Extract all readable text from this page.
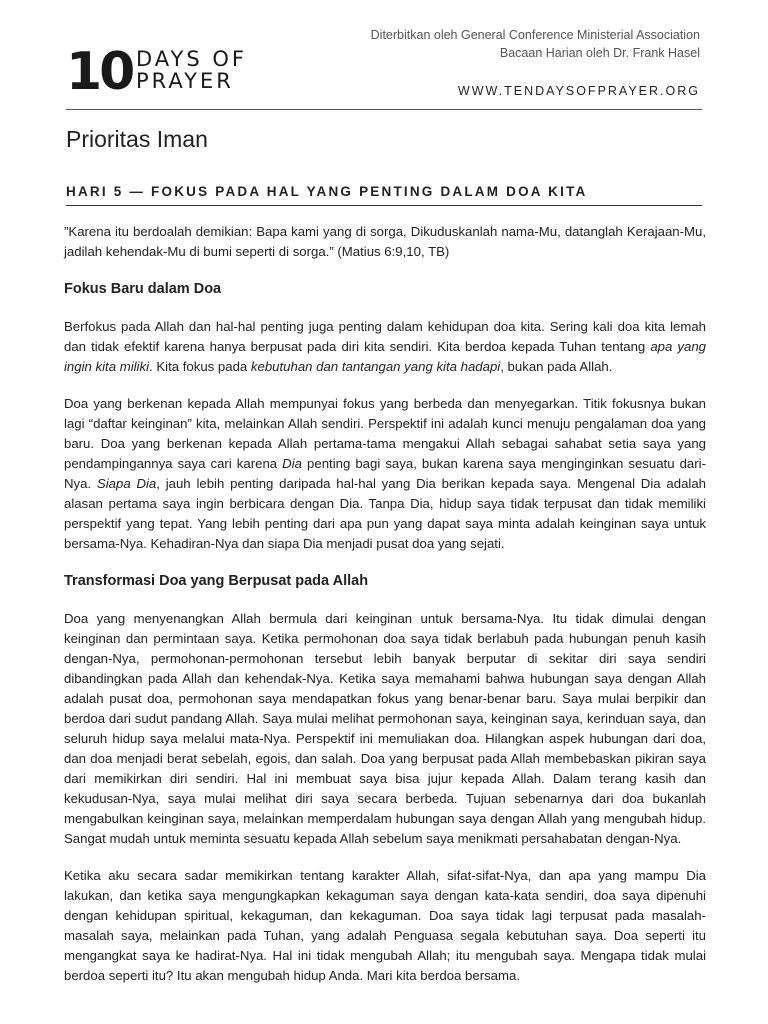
10 DAYS OF
PRAYER
Diterbitkan oleh General Conference Ministerial Association
Bacaan Harian oleh Dr. Frank Hasel
WWW.TENDAYSOFPRAYER.ORG
Prioritas Iman
HARI 5 — FOKUS PADA HAL YANG PENTING DALAM DOA KITA

”Karena itu berdoalah demikian: Bapa kami yang di sorga, Dikuduskanlah nama-Mu, datanglah Kerajaan-Mu, jadilah kehendak-Mu di bumi seperti di sorga.” (Matius 6:9,10, TB)

Fokus Baru dalam Doa

Berfokus pada Allah dan hal-hal penting juga penting dalam kehidupan doa kita. Sering kali doa kita lemah dan tidak efektif karena hanya berpusat pada diri kita sendiri. Kita berdoa kepada Tuhan tentang apa yang ingin kita miliki. Kita fokus pada kebutuhan dan tantangan yang kita hadapi, bukan pada Allah.

Doa yang berkenan kepada Allah mempunyai fokus yang berbeda dan menyegarkan. Titik fokusnya bukan lagi “daftar keinginan” kita, melainkan Allah sendiri. Perspektif ini adalah kunci menuju pengalaman doa yang baru. Doa yang berkenan kepada Allah pertama-tama mengakui Allah sebagai sahabat setia saya yang pendampingannya saya cari karena Dia penting bagi saya, bukan karena saya menginginkan sesuatu dari-Nya. Siapa Dia, jauh lebih penting daripada hal-hal yang Dia berikan kepada saya. Mengenal Dia adalah alasan pertama saya ingin berbicara dengan Dia. Tanpa Dia, hidup saya tidak terpusat dan tidak memiliki perspektif yang tepat. Yang lebih penting dari apa pun yang dapat saya minta adalah keinginan saya untuk bersama-Nya. Kehadiran-Nya dan siapa Dia menjadi pusat doa yang sejati.

Transformasi Doa yang Berpusat pada Allah

Doa yang menyenangkan Allah bermula dari keinginan untuk bersama-Nya. Itu tidak dimulai dengan keinginan dan permintaan saya. Ketika permohonan doa saya tidak berlabuh pada hubungan penuh kasih dengan-Nya, permohonan-permohonan tersebut lebih banyak berputar di sekitar diri saya sendiri dibandingkan pada Allah dan kehendak-Nya. Ketika saya memahami bahwa hubungan saya dengan Allah adalah pusat doa, permohonan saya mendapatkan fokus yang benar-benar baru. Saya mulai berpikir dan berdoa dari sudut pandang Allah. Saya mulai melihat permohonan saya, keinginan saya, kerinduan saya, dan seluruh hidup saya melalui mata-Nya. Perspektif ini memuliakan doa. Hilangkan aspek hubungan dari doa, dan doa menjadi berat sebelah, egois, dan salah. Doa yang berpusat pada Allah membebaskan pikiran saya dari memikirkan diri sendiri. Hal ini membuat saya bisa jujur kepada Allah. Dalam terang kasih dan kekudusan-Nya, saya mulai melihat diri saya secara berbeda. Tujuan sebenarnya dari doa bukanlah mengabulkan keinginan saya, melainkan memperdalam hubungan saya dengan Allah yang mengubah hidup. Sangat mudah untuk meminta sesuatu kepada Allah sebelum saya menikmati persahabatan dengan-Nya.

Ketika aku secara sadar memikirkan tentang karakter Allah, sifat-sifat-Nya, dan apa yang mampu Dia lakukan, dan ketika saya mengungkapkan kekaguman saya dengan kata-kata sendiri, doa saya dipenuhi dengan kehidupan spiritual, kekaguman, dan kekaguman. Doa saya tidak lagi terpusat pada masalah-masalah saya, melainkan pada Tuhan, yang adalah Penguasa segala kebutuhan saya. Doa seperti itu mengangkat saya ke hadirat-Nya. Hal ini tidak mengubah Allah; itu mengubah saya. Mengapa tidak mulai berdoa seperti itu? Itu akan mengubah hidup Anda. Mari kita berdoa bersama.
